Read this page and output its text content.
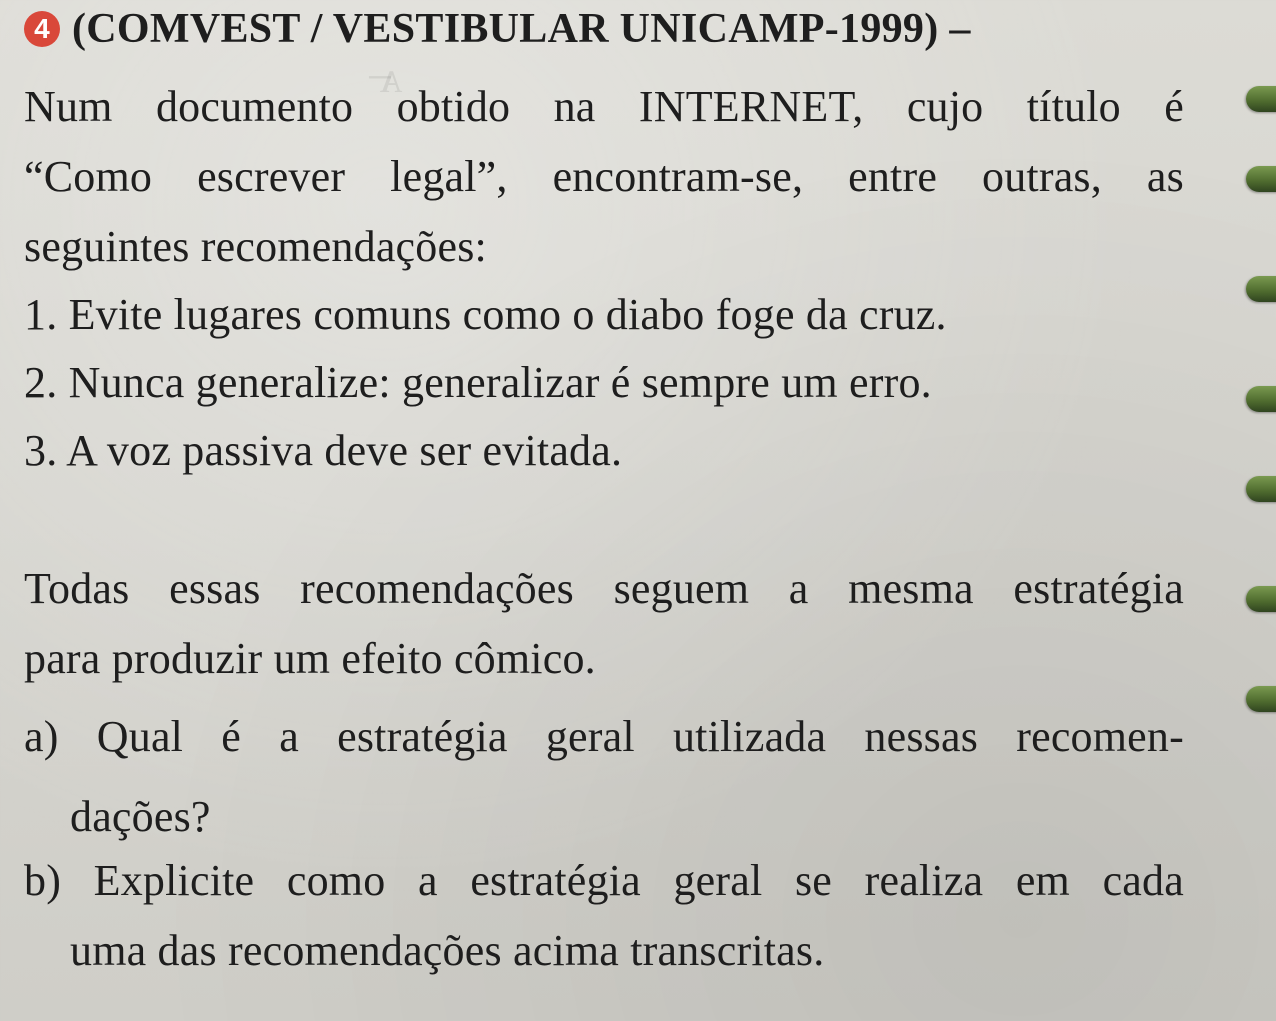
ᴀ̶
4 (COMVEST / VESTIBULAR UNICAMP-1999) –
Num documento obtido na INTERNET, cujo título é
“Como escrever legal”, encontram-se, entre outras, as
seguintes recomendações:
1. Evite lugares comuns como o diabo foge da cruz.
2. Nunca generalize: generalizar é sempre um erro.
3. A voz passiva deve ser evitada.
Todas essas recomendações seguem a mesma estratégia
para produzir um efeito cômico.
a) Qual é a estratégia geral utilizada nessas recomen-
dações?
b) Explicite como a estratégia geral se realiza em cada
uma das recomendações acima transcritas.
